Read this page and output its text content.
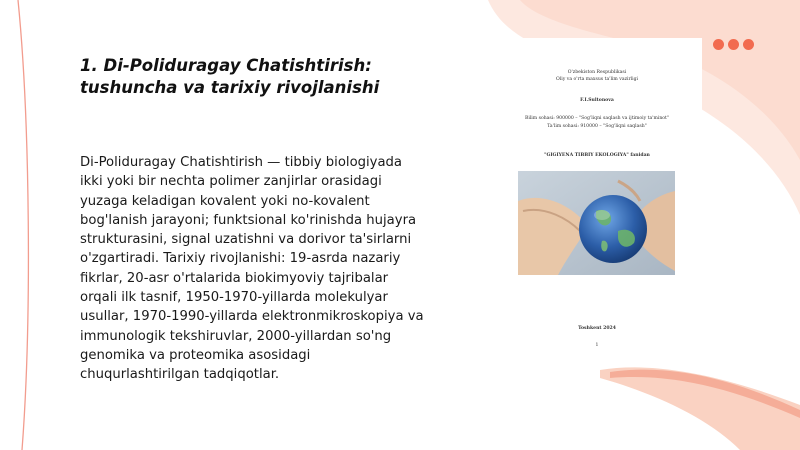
1. Di-Poliduragay Chatishtirish:
tushuncha va tarixiy rivojlanishi
Di-Poliduragay Chatishtirish — tibbiy biologiyada ikki yoki bir nechta polimer zanjirlar orasidagi yuzaga keladigan kovalent yoki no-kovalent bog'lanish jarayoni; funktsional ko'rinishda hujayra strukturasini, signal uzatishni va dorivor ta'sirlarni o'zgartiradi. Tarixiy rivojlanishi: 19-asrda nazariy fikrlar, 20-asr o'rtalarida biokimyoviy tajribalar orqali ilk tasnif, 1950-1970-yillarda molekulyar usullar, 1970-1990-yillarda elektronmikroskopiya va immunologik tekshiruvlar, 2000-yillardan so'ng genomika va proteomika asosidagi chuqurlashtirilgan tadqiqotlar.
O'zbekiston Respublikasi
Oliy va o'rta maxsus ta'lim vazirligi
F.I.Sultonova
Bilim sohasi: 900000 – "Sog'liqni saqlash va ijtimoiy ta'minot"
Ta'lim sohasi: 910000 – "Sog'liqni saqlash"
"GIGIYENA TIBBIY EKOLOGIYA" fanidan
Toshkent 2024
1
